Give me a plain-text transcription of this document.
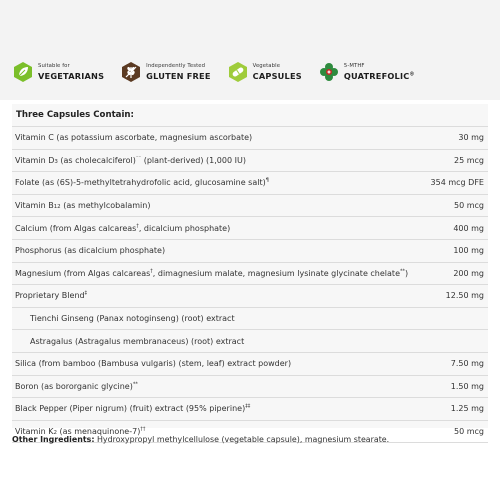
Suitable for
VEGETARIANS
Independently Tested
GLUTEN FREE
Vegetable
CAPSULES
5-MTHF
QUATREFOLIC®
Three Capsules Contain:
Vitamin C (as potassium ascorbate, magnesium ascorbate)	30 mg
Vitamin D3 (as cholecalciferol)⁻⁻ (plant-derived) (1,000 IU)	25 mcg
Folate (as (6S)-5-methyltetrahydrofolic acid, glucosamine salt)¶	354 mcg DFE
Vitamin B12 (as methylcobalamin)	50 mcg
Calcium (from Algas calcareas†, dicalcium phosphate)	400 mg
Phosphorus (as dicalcium phosphate)	100 mg
Magnesium (from Algas calcareas†, dimagnesium malate, magnesium lysinate glycinate chelate**)	200 mg
Proprietary Blend‡	12.50 mg
Tienchi Ginseng (Panax notoginseng) (root) extract	
Astragalus (Astragalus membranaceus) (root) extract	
Silica (from bamboo (Bambusa vulgaris) (stem, leaf) extract powder)	7.50 mg
Boron (as bororganic glycine)**	1.50 mg
Black Pepper (Piper nigrum) (fruit) extract (95% piperine)‡‡	1.25 mg
Vitamin K2 (as menaquinone-7)††	50 mcg
Other Ingredients: Hydroxypropyl methylcellulose (vegetable capsule), magnesium stearate.
